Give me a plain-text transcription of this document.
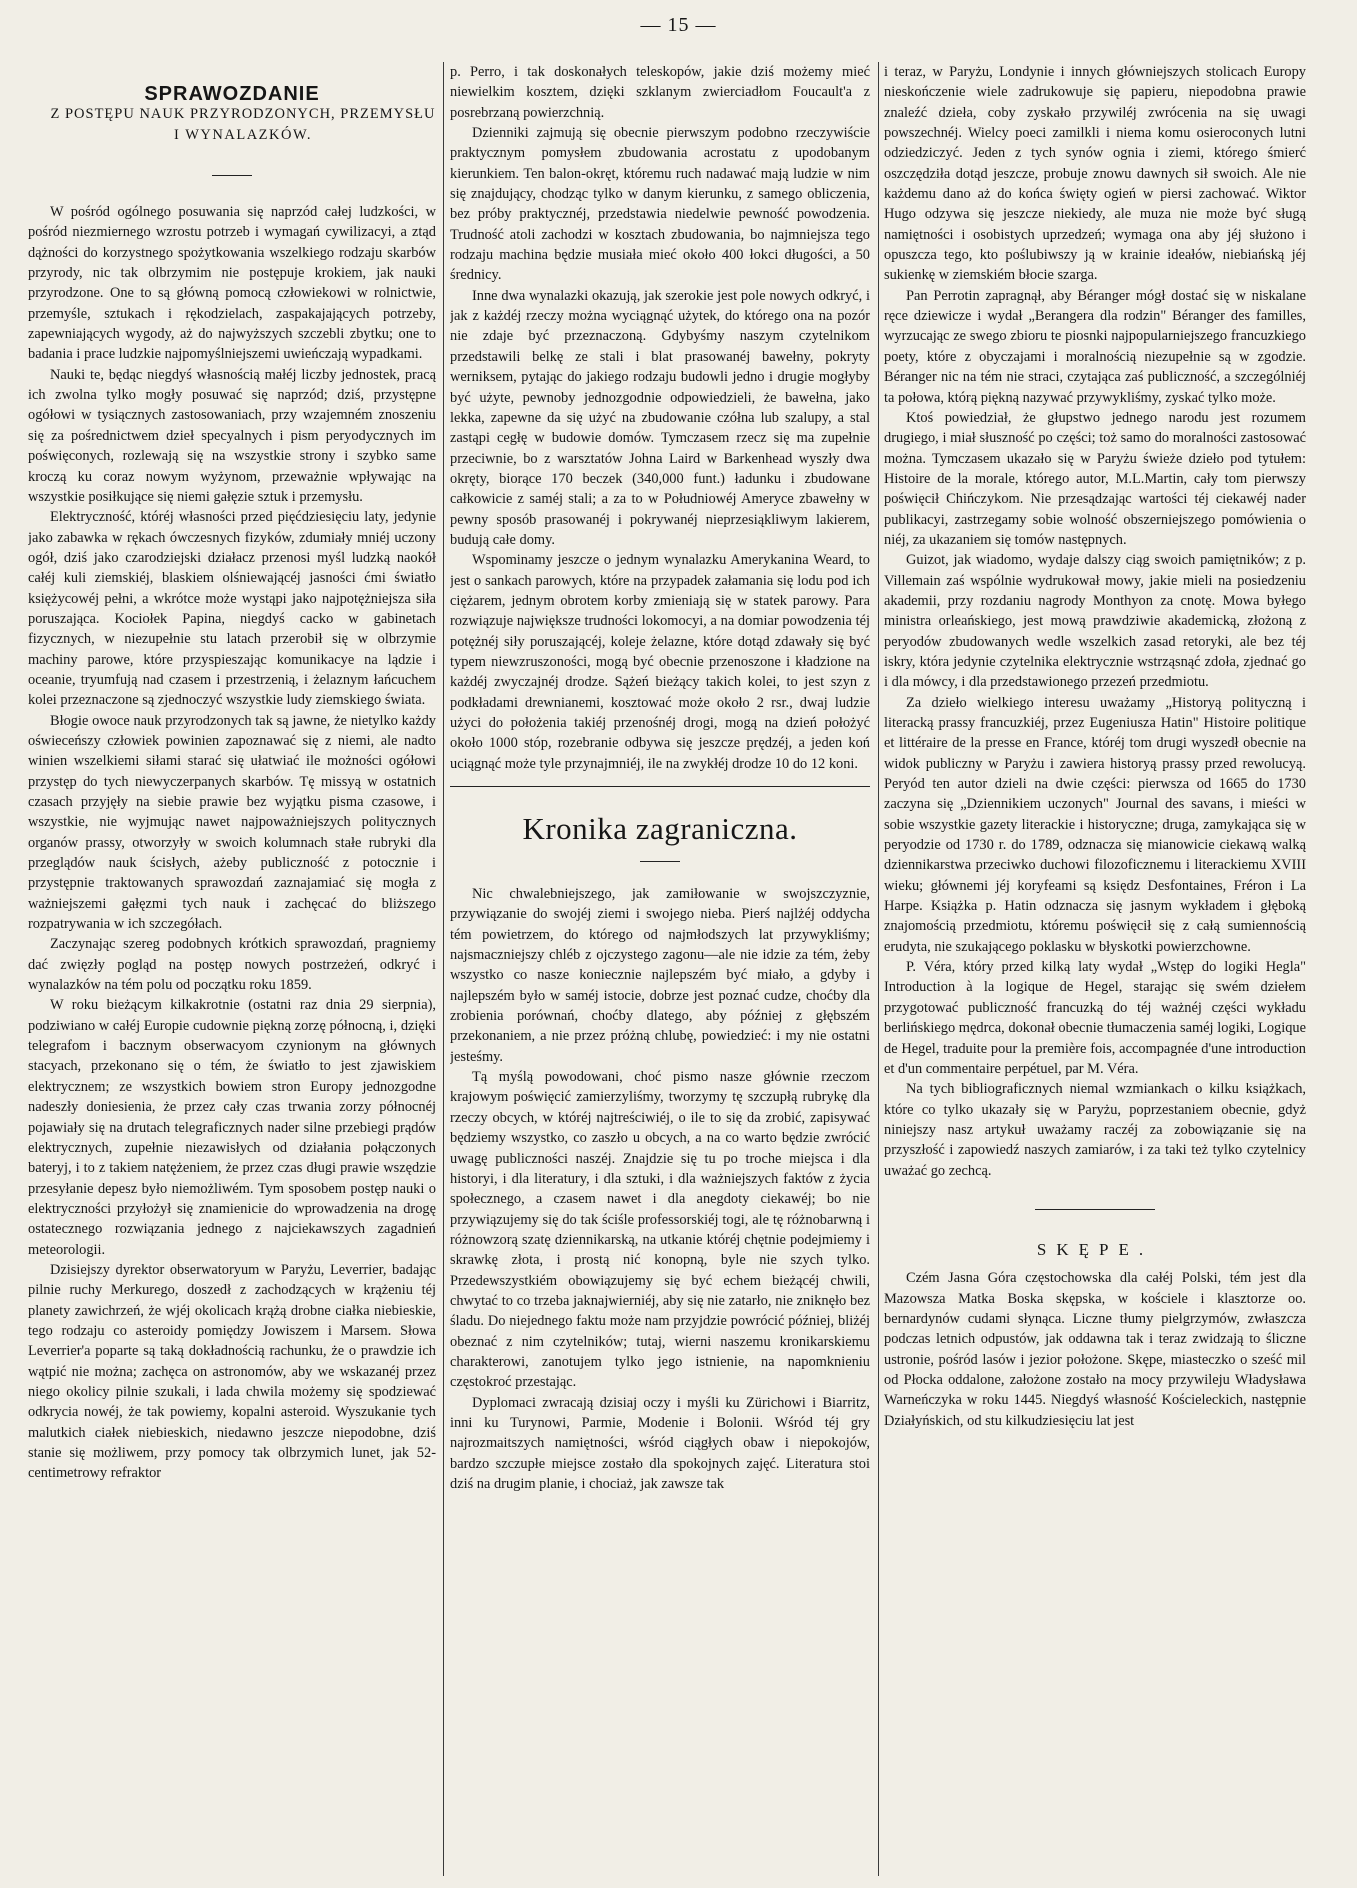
— 15 —
SPRAWOZDANIE

Z POSTĘPU NAUK PRZYRODZONYCH, PRZEMYSŁU

I WYNALAZKÓW.

W pośród ogólnego posuwania się naprzód całej ludzkości, w pośród niezmiernego wzrostu potrzeb i wymagań cywilizacyi, a ztąd dążności do korzystnego spożytkowania wszelkiego rodzaju skarbów przyrody, nic tak olbrzymim nie postępuje krokiem, jak nauki przyrodzone. One to są główną pomocą człowiekowi w rolnictwie, przemyśle, sztukach i rękodzielach, zaspakajających potrzeby, zapewniających wygody, aż do najwyższych szczebli zbytku; one to badania i prace ludzkie najpomyślniejszemi uwieńczają wypadkami.

Nauki te, będąc niegdyś własnością małéj liczby jednostek, pracą ich zwolna tylko mogły posuwać się naprzód; dziś, przystępne ogółowi w tysiącznych zastosowaniach, przy wzajemném znoszeniu się za pośrednictwem dzieł specyalnych i pism peryodycznych im poświęconych, rozlewają się na wszystkie strony i szybko same kroczą ku coraz nowym wyżynom, przeważnie wpływając na wszystkie posiłkujące się niemi gałęzie sztuk i przemysłu.

Elektryczność, któréj własności przed pięćdziesięciu laty, jedynie jako zabawka w rękach ówczesnych fizyków, zdumiały mniéj uczony ogół, dziś jako czarodziejski działacz przenosi myśl ludzką naokół całéj kuli ziemskiéj, blaskiem olśniewającéj jasności ćmi światło księżycowéj pełni, a wkrótce może wystąpi jako najpotężniejsza siła poruszająca. Kociołek Papina, niegdyś cacko w gabinetach fizycznych, w niezupełnie stu latach przerobił się w olbrzymie machiny parowe, które przyspieszając komunikacye na lądzie i oceanie, tryumfują nad czasem i przestrzenią, i żelaznym łańcuchem kolei przeznaczone są zjednoczyć wszystkie ludy ziemskiego świata.

Błogie owoce nauk przyrodzonych tak są jawne, że nietylko każdy oświeceńszy człowiek powinien zapoznawać się z niemi, ale nadto winien wszelkiemi siłami starać się ułatwiać ile możności ogółowi przystęp do tych niewyczerpanych skarbów. Tę missyą w ostatnich czasach przyjęły na siebie prawie bez wyjątku pisma czasowe, i wszystkie, nie wyjmując nawet najpoważniejszych politycznych organów prassy, otworzyły w swoich kolumnach stałe rubryki dla przeglądów nauk ścisłych, ażeby publiczność z potocznie i przystępnie traktowanych sprawozdań zaznajamiać się mogła z ważniejszemi gałęzmi tych nauk i zachęcać do bliższego rozpatrywania w ich szczegółach.

Zaczynając szereg podobnych krótkich sprawozdań, pragniemy dać zwięzły pogląd na postęp nowych postrzeżeń, odkryć i wynalazków na tém polu od początku roku 1859.

W roku bieżącym kilkakrotnie (ostatni raz dnia 29 sierpnia), podziwiano w całéj Europie cudownie piękną zorzę północną, i, dzięki telegrafom i bacznym obserwacyom czynionym na głównych stacyach, przekonano się o tém, że światło to jest zjawiskiem elektrycznem; ze wszystkich bowiem stron Europy jednozgodne nadeszły doniesienia, że przez cały czas trwania zorzy północnéj pojawiały się na drutach telegraficznych nader silne przebiegi prądów elektrycznych, zupełnie niezawisłych od działania połączonych bateryj, i to z takiem natężeniem, że przez czas długi prawie wszędzie przesyłanie depesz było niemożliwém. Tym sposobem postęp nauki o elektryczności przyłożył się znamienicie do wprowadzenia na drogę ostatecznego rozwiązania jednego z najciekawszych zagadnień meteorologii.

Dzisiejszy dyrektor obserwatoryum w Paryżu, Leverrier, badając pilnie ruchy Merkurego, doszedł z zachodzących w krążeniu téj planety zawichrzeń, że wjéj okolicach krążą drobne ciałka niebieskie, tego rodzaju co asteroidy pomiędzy Jowiszem i Marsem. Słowa Leverrier'a poparte są taką dokładnością rachunku, że o prawdzie ich wątpić nie można; zachęca on astronomów, aby we wskazanéj przez niego okolicy pilnie szukali, i lada chwila możemy się spodziewać odkrycia nowéj, że tak powiemy, kopalni asteroid. Wyszukanie tych malutkich ciałek niebieskich, niedawno jeszcze niepodobne, dziś stanie się możliwem, przy pomocy tak olbrzymich lunet, jak 52-centimetrowy refraktor

p. Perro, i tak doskonałych teleskopów, jakie dziś możemy mieć niewielkim kosztem, dzięki szklanym zwierciadłom Foucault'a z posrebrzaną powierzchnią.

Dzienniki zajmują się obecnie pierwszym podobno rzeczywiście praktycznym pomysłem zbudowania acrostatu z upodobanym kierunkiem. Ten balon-okręt, któremu ruch nadawać mają ludzie w nim się znajdujący, chodząc tylko w danym kierunku, z samego obliczenia, bez próby praktycznéj, przedstawia niedelwie pewność powodzenia. Trudność atoli zachodzi w kosztach zbudowania, bo najmniejsza tego rodzaju machina będzie musiała mieć około 400 łokci długości, a 50 średnicy.

Inne dwa wynalazki okazują, jak szerokie jest pole nowych odkryć, i jak z każdéj rzeczy można wyciągnąć użytek, do którego ona na pozór nie zdaje być przeznaczoną. Gdybyśmy naszym czytelnikom przedstawili belkę ze stali i blat prasowanéj bawełny, pokryty werniksem, pytając do jakiego rodzaju budowli jedno i drugie mogłyby być użyte, pewnoby jednozgodnie odpowiedzieli, że bawełna, jako lekka, zapewne da się użyć na zbudowanie czółna lub szalupy, a stal zastąpi cegłę w budowie domów. Tymczasem rzecz się ma zupełnie przeciwnie, bo z warsztatów Johna Laird w Barkenhead wyszły dwa okręty, biorące 170 beczek (340,000 funt.) ładunku i zbudowane całkowicie z saméj stali; a za to w Południowéj Ameryce zbawełny w pewny sposób prasowanéj i pokrywanéj nieprzesiąkliwym lakierem, budują całe domy.

Wspominamy jeszcze o jednym wynalazku Amerykanina Weard, to jest o sankach parowych, które na przypadek załamania się lodu pod ich ciężarem, jednym obrotem korby zmieniają się w statek parowy. Para rozwiązuje największe trudności lokomocyi, a na domiar powodzenia téj potężnéj siły poruszającéj, koleje żelazne, które dotąd zdawały się być typem niewzruszoności, mogą być obecnie przenoszone i kładzione na każdéj zwyczajnéj drodze. Sążeń bieżący takich kolei, to jest szyn z podkładami drewnianemi, kosztować może około 2 rsr., dwaj ludzie użyci do położenia takiéj przenośnéj drogi, mogą na dzień położyć około 1000 stóp, rozebranie odbywa się jeszcze prędzéj, a jeden koń uciągnąć może tyle przynajmniéj, ile na zwykłéj drodze 10 do 12 koni.

Kronika zagraniczna.

Nic chwalebniejszego, jak zamiłowanie w swojszczyznie, przywiązanie do swojéj ziemi i swojego nieba. Pierś najlżéj oddycha tém powietrzem, do którego od najmłodszych lat przywykliśmy; najsmaczniejszy chléb z ojczystego zagonu—ale nie idzie za tém, żeby wszystko co nasze koniecznie najlepszém być miało, a gdyby i najlepszém było w saméj istocie, dobrze jest poznać cudze, choćby dla zrobienia porównań, choćby dlatego, aby później z głębszém przekonaniem, a nie przez próżną chlubę, powiedzieć: i my nie ostatni jesteśmy.

Tą myślą powodowani, choć pismo nasze głównie rzeczom krajowym poświęcić zamierzyliśmy, tworzymy tę szczupłą rubrykę dla rzeczy obcych, w któréj najtreściwiéj, o ile to się da zrobić, zapisywać będziemy wszystko, co zaszło u obcych, a na co warto będzie zwrócić uwagę publiczności naszéj. Znajdzie się tu po troche miejsca i dla historyi, i dla literatury, i dla sztuki, i dla ważniejszych faktów z życia społecznego, a czasem nawet i dla anegdoty ciekawéj; bo nie przywiązujemy się do tak ściśle professorskiéj togi, ale tę różnobarwną i różnowzorą szatę dziennikarską, na utkanie któréj chętnie podejmiemy i skrawkę złota, i prostą nić konopną, byle nie szych tylko. Przedewszystkiém obowiązujemy się być echem bieżącéj chwili, chwytać to co trzeba jaknajwierniéj, aby się nie zatarło, nie zniknęło bez śladu. Do niejednego faktu może nam przyjdzie powrócić później, bliżéj obeznać z nim czytelników; tutaj, wierni naszemu kronikarskiemu charakterowi, zanotujem tylko jego istnienie, na napomknieniu częstokroć przestając.

Dyplomaci zwracają dzisiaj oczy i myśli ku Zürichowi i Biarritz, inni ku Turynowi, Parmie, Modenie i Bolonii. Wśród téj gry najrozmaitszych namiętności, wśród ciągłych obaw i niepokojów, bardzo szczupłe miejsce zostało dla spokojnych zajęć. Literatura stoi dziś na drugim planie, i chociaż, jak zawsze tak

i teraz, w Paryżu, Londynie i innych główniejszych stolicach Europy nieskończenie wiele zadrukowuje się papieru, niepodobna prawie znaleźć dzieła, coby zyskało przywiléj zwrócenia na się uwagi powszechnéj. Wielcy poeci zamilkli i niema komu osieroconych lutni odziedziczyć. Jeden z tych synów ognia i ziemi, którego śmierć oszczędziła dotąd jeszcze, probuje znowu dawnych sił swoich. Ale nie każdemu dano aż do końca święty ogień w piersi zachować. Wiktor Hugo odzywa się jeszcze niekiedy, ale muza nie może być sługą namiętności i osobistych uprzedzeń; wymaga ona aby jéj służono i opuszcza tego, kto poślubiwszy ją w krainie ideałów, niebiańską jéj sukienkę w ziemskiém błocie szarga.

Pan Perrotin zapragnął, aby Béranger mógł dostać się w niskalane ręce dziewicze i wydał „Berangera dla rodzin" Béranger des familles, wyrzucając ze swego zbioru te piosnki najpopularniejszego francuzkiego poety, które z obyczajami i moralnością niezupełnie są w zgodzie. Béranger nic na tém nie straci, czytająca zaś publiczność, a szczególniéj ta połowa, którą piękną nazywać przywykliśmy, zyskać tylko może.

Ktoś powiedział, że głupstwo jednego narodu jest rozumem drugiego, i miał słuszność po części; toż samo do moralności zastosować można. Tymczasem ukazało się w Paryżu świeże dzieło pod tytułem: Histoire de la morale, którego autor, M.L.Martin, cały tom pierwszy poświęcił Chińczykom. Nie przesądzając wartości téj ciekawéj nader publikacyi, zastrzegamy sobie wolność obszerniejszego pomówienia o niéj, za ukazaniem się tomów następnych.

Guizot, jak wiadomo, wydaje dalszy ciąg swoich pamiętników; z p. Villemain zaś wspólnie wydrukował mowy, jakie mieli na posiedzeniu akademii, przy rozdaniu nagrody Monthyon za cnotę. Mowa byłego ministra orleańskiego, jest mową prawdziwie akademicką, złożoną z peryodów zbudowanych wedle wszelkich zasad retoryki, ale bez téj iskry, która jedynie czytelnika elektrycznie wstrząsnąć zdoła, zjednać go i dla mówcy, i dla przedstawionego przezeń przedmiotu.

Za dzieło wielkiego interesu uważamy „Historyą polityczną i literacką prassy francuzkiéj, przez Eugeniusza Hatin" Histoire politique et littéraire de la presse en France, któréj tom drugi wyszedł obecnie na widok publiczny w Paryżu i zawiera historyą prassy przed rewolucyą. Peryód ten autor dzieli na dwie części: pierwsza od 1665 do 1730 zaczyna się „Dziennikiem uczonych" Journal des savans, i mieści w sobie wszystkie gazety literackie i historyczne; druga, zamykająca się w peryodzie od 1730 r. do 1789, odznacza się mianowicie ciekawą walką dziennikarstwa przeciwko duchowi filozoficznemu i literackiemu XVIII wieku; głównemi jéj koryfeami są księdz Desfontaines, Fréron i La Harpe. Książka p. Hatin odznacza się jasnym wykładem i głęboką znajomością przedmiotu, któremu poświęcił się z całą sumiennością erudyta, nie szukającego poklasku w błyskotki powierzchowne.

P. Véra, który przed kilką laty wydał „Wstęp do logiki Hegla" Introduction à la logique de Hegel, starając się swém dziełem przygotować publiczność francuzką do téj ważnéj części wykładu berlińskiego mędrca, dokonał obecnie tłumaczenia saméj logiki, Logique de Hegel, traduite pour la première fois, accompagnée d'une introduction et d'un commentaire perpétuel, par M. Véra.

Na tych bibliograficznych niemal wzmiankach o kilku książkach, które co tylko ukazały się w Paryżu, poprzestaniem obecnie, gdyż niniejszy nasz artykuł uważamy raczéj za zobowiązanie się na przyszłość i zapowiedź naszych zamiarów, i za taki też tylko czytelnicy uważać go zechcą.

SKĘPE.

Czém Jasna Góra częstochowska dla całéj Polski, tém jest dla Mazowsza Matka Boska skępska, w kościele i klasztorze oo. bernardynów cudami słynąca. Liczne tłumy pielgrzymów, zwłaszcza podczas letnich odpustów, jak oddawna tak i teraz zwidzają to śliczne ustronie, pośród lasów i jezior położone. Skępe, miasteczko o sześć mil od Płocka oddalone, założone zostało na mocy przywileju Władysława Warneńczyka w roku 1445. Niegdyś własność Kościeleckich, następnie Działyńskich, od stu kilkudziesięciu lat jest
